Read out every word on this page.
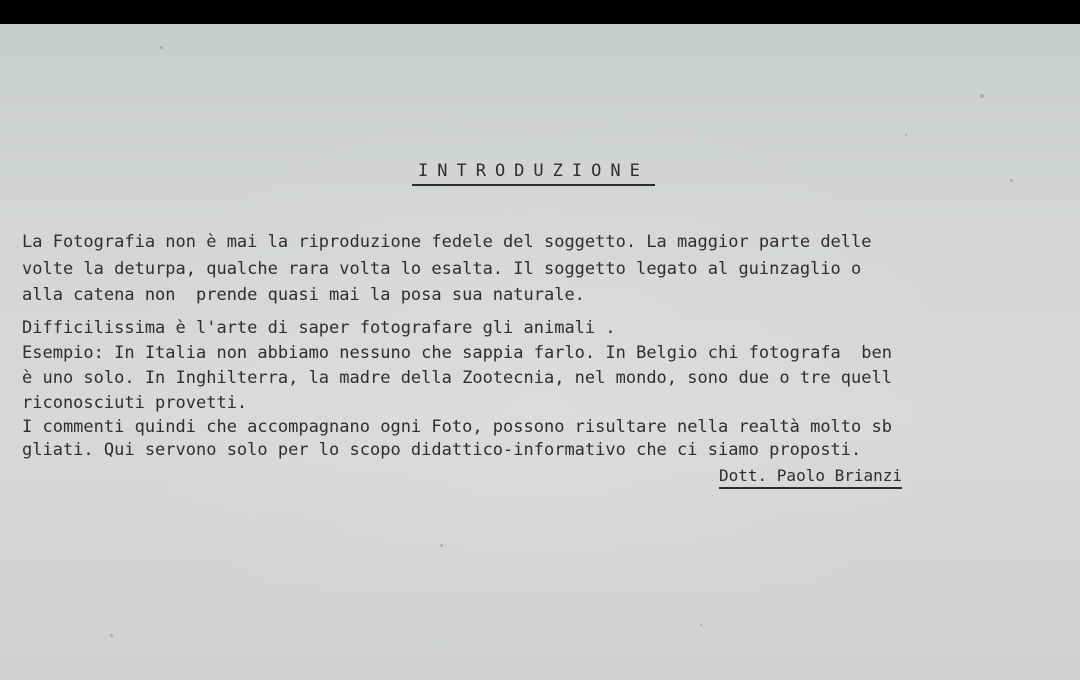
INTRODUZIONE
La Fotografia non è mai la riproduzione fedele del soggetto. La maggior parte delle
volte la deturpa, qualche rara volta lo esalta. Il soggetto legato al guinzaglio o
alla catena non  prende quasi mai la posa sua naturale.
Difficilissima è l'arte di saper fotografare gli animali .
Esempio: In Italia non abbiamo nessuno che sappia farlo. In Belgio chi fotografa  ben
è uno solo. In Inghilterra, la madre della Zootecnia, nel mondo, sono due o tre quell
riconosciuti provetti.
I commenti quindi che accompagnano ogni Foto, possono risultare nella realtà molto sb
gliati. Qui servono solo per lo scopo didattico-informativo che ci siamo proposti.
Dott. Paolo Brianzi
